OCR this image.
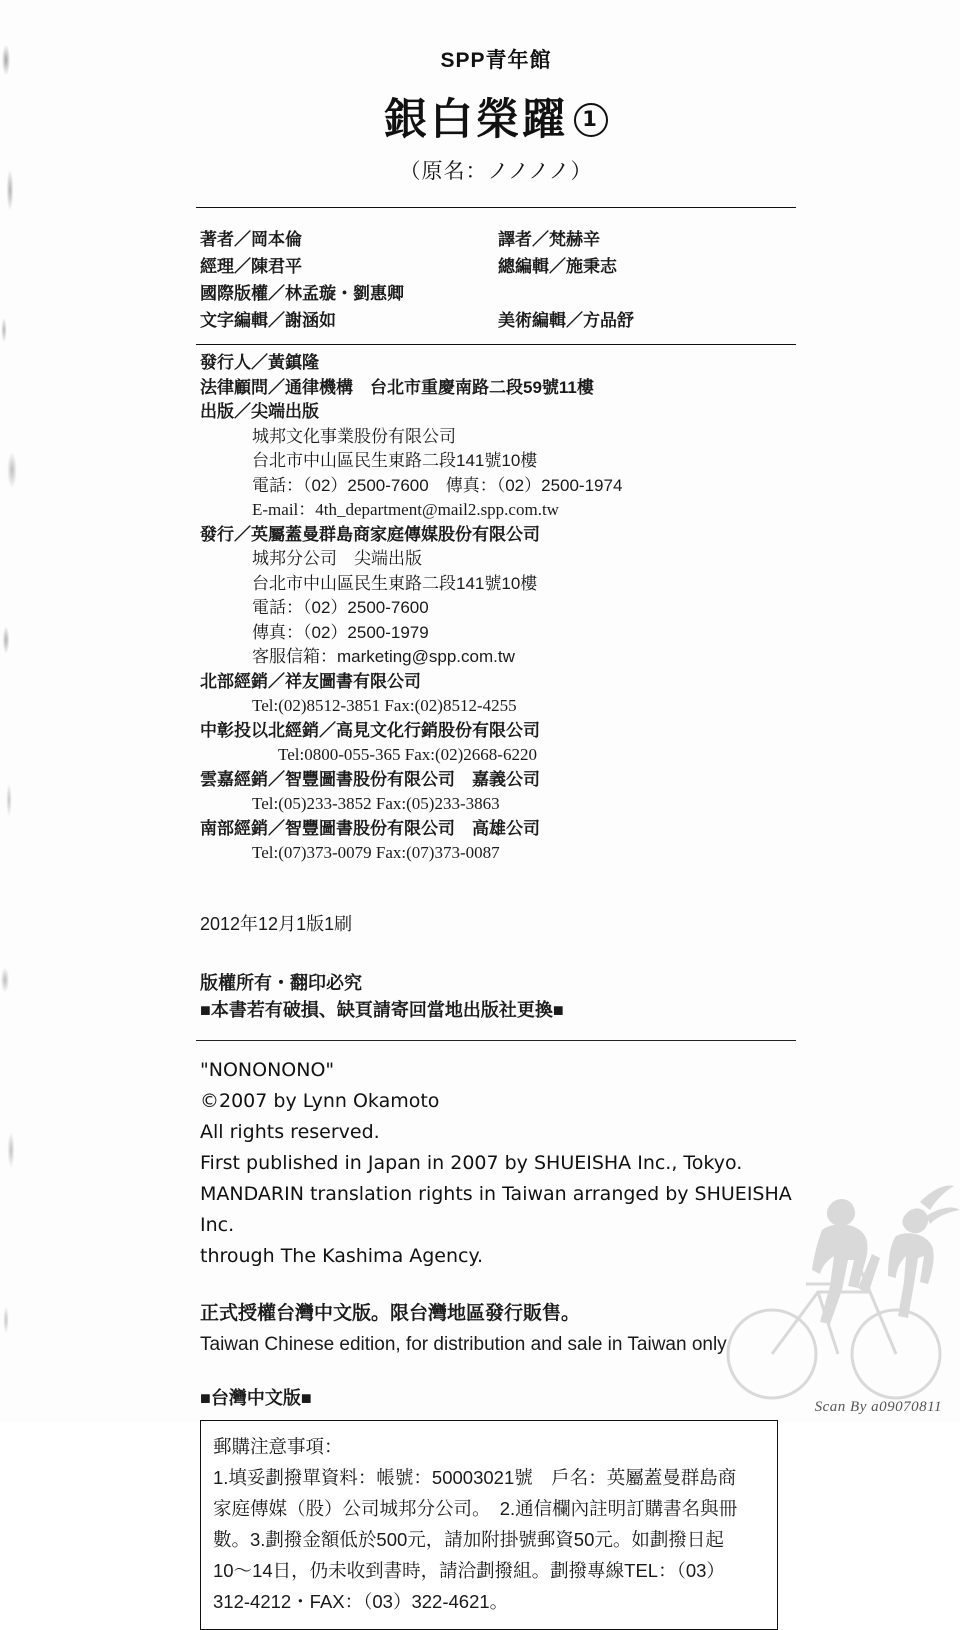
SPP青年館
銀白榮躍 1
（原名：ノノノノ）
著者／岡本倫	譯者／梵赫辛
經理／陳君平	總編輯／施秉志
國際版權／林孟璇・劉惠卿
文字編輯／謝涵如	美術編輯／方品舒
發行人／黃鎮隆
法律顧問／通律機構　台北市重慶南路二段59號11樓
出版／尖端出版
城邦文化事業股份有限公司
台北市中山區民生東路二段141號10樓
電話：（02）2500-7600　傳真：（02）2500-1974
E-mail：4th_department@mail2.spp.com.tw
發行／英屬蓋曼群島商家庭傳媒股份有限公司
城邦分公司　尖端出版
台北市中山區民生東路二段141號10樓
電話：（02）2500-7600
傳真：（02）2500-1979
客服信箱：marketing@spp.com.tw
北部經銷／祥友圖書有限公司
Tel:(02)8512-3851 Fax:(02)8512-4255
中彰投以北經銷／高見文化行銷股份有限公司
Tel:0800-055-365 Fax:(02)2668-6220
雲嘉經銷／智豐圖書股份有限公司　嘉義公司
Tel:(05)233-3852 Fax:(05)233-3863
南部經銷／智豐圖書股份有限公司　高雄公司
Tel:(07)373-0079 Fax:(07)373-0087
2012年12月1版1刷
版權所有・翻印必究
■本書若有破損、缺頁請寄回當地出版社更換■
"NONONONO"
©2007 by Lynn Okamoto
All rights reserved.
First published in Japan in 2007 by SHUEISHA Inc., Tokyo.
MANDARIN translation rights in Taiwan arranged by SHUEISHA Inc.
through The Kashima Agency.
正式授權台灣中文版。限台灣地區發行販售。
Taiwan Chinese edition, for distribution and sale in Taiwan only.
■台灣中文版■
郵購注意事項：
1.填妥劃撥單資料：帳號：50003021號　戶名：英屬蓋曼群島商
家庭傳媒（股）公司城邦分公司。　2.通信欄內註明訂購書名與冊
數。3.劃撥金額低於500元，請加附掛號郵資50元。如劃撥日起
10～14日，仍未收到書時，請洽劃撥組。劃撥專線TEL：（03）
312-4212・FAX：（03）322-4621。
Scan By a09070811
